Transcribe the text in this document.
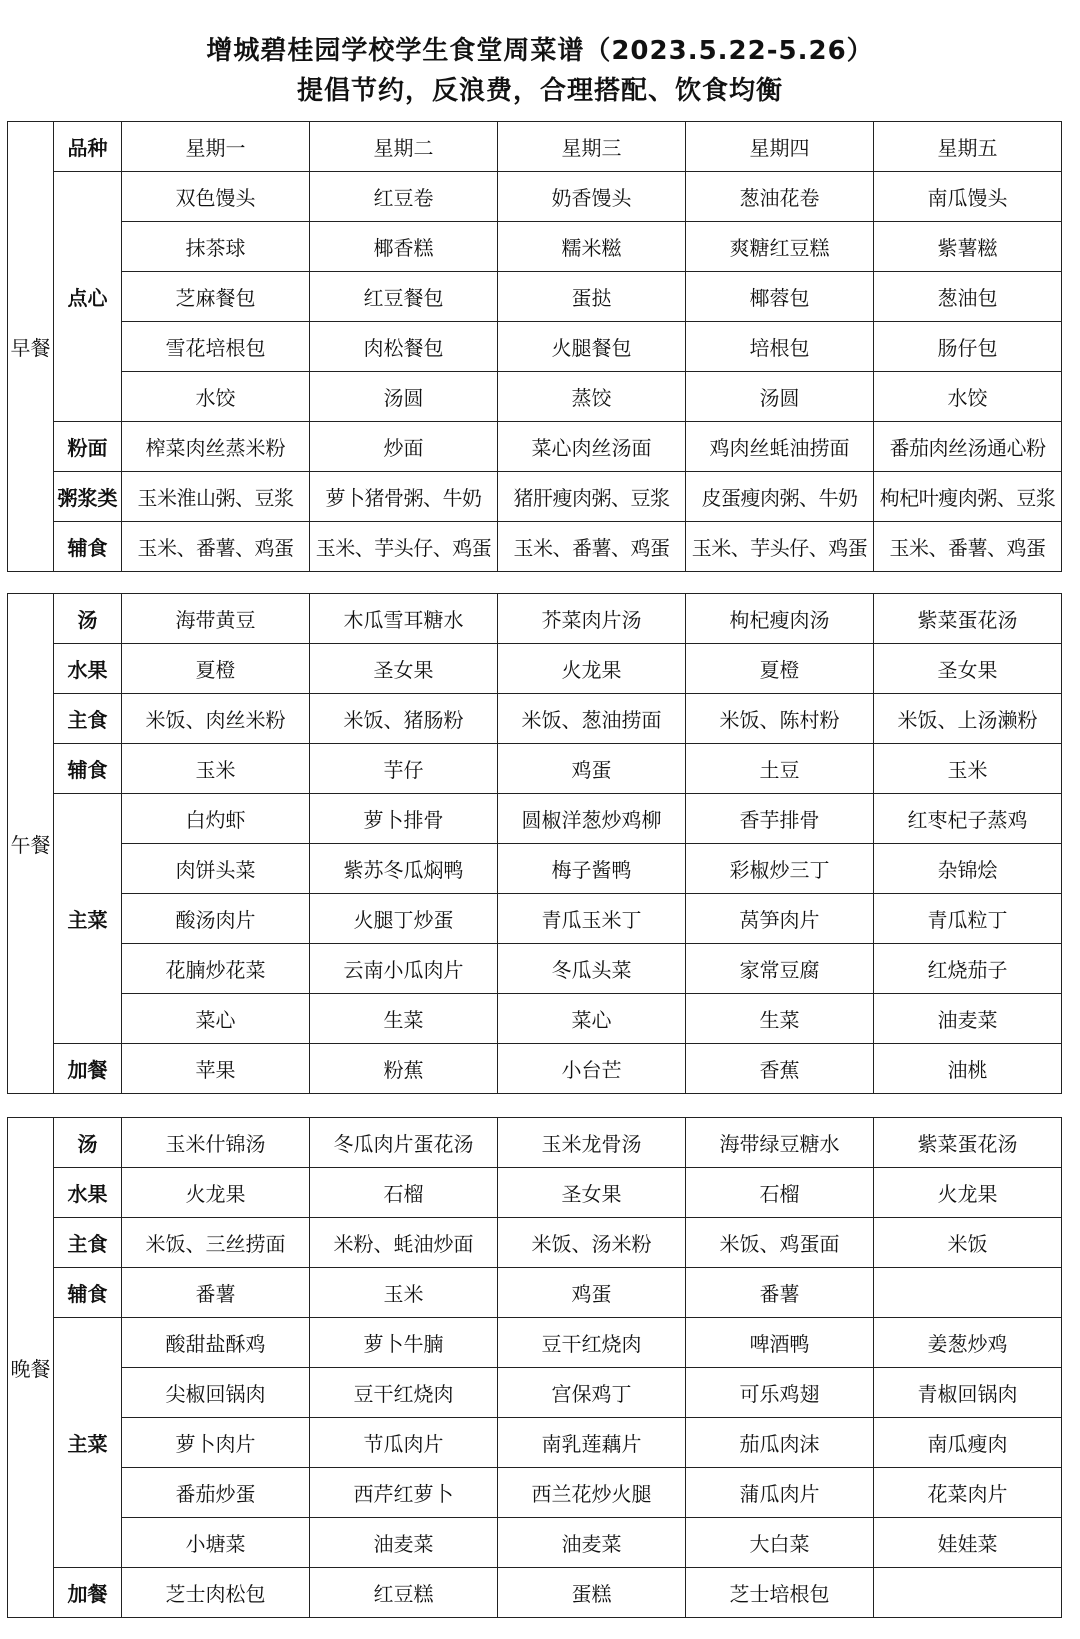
增城碧桂园学校学生食堂周菜谱（2023.5.22-5.26）
提倡节约，反浪费，合理搭配、饮食均衡
早餐	品种	星期一	星期二	星期三	星期四	星期五
	点心	双色馒头	红豆卷	奶香馒头	葱油花卷	南瓜馒头
		抹茶球	椰香糕	糯米糍	爽糖红豆糕	紫薯糍
		芝麻餐包	红豆餐包	蛋挞	椰蓉包	葱油包
		雪花培根包	肉松餐包	火腿餐包	培根包	肠仔包
		水饺	汤圆	蒸饺	汤圆	水饺
	粉面	榨菜肉丝蒸米粉	炒面	菜心肉丝汤面	鸡肉丝蚝油捞面	番茄肉丝汤通心粉
	粥浆类	玉米淮山粥、豆浆	萝卜猪骨粥、牛奶	猪肝瘦肉粥、豆浆	皮蛋瘦肉粥、牛奶	枸杞叶瘦肉粥、豆浆
	辅食	玉米、番薯、鸡蛋	玉米、芋头仔、鸡蛋	玉米、番薯、鸡蛋	玉米、芋头仔、鸡蛋	玉米、番薯、鸡蛋
午餐	汤	海带黄豆	木瓜雪耳糖水	芥菜肉片汤	枸杞瘦肉汤	紫菜蛋花汤
	水果	夏橙	圣女果	火龙果	夏橙	圣女果
	主食	米饭、肉丝米粉	米饭、猪肠粉	米饭、葱油捞面	米饭、陈村粉	米饭、上汤濑粉
	辅食	玉米	芋仔	鸡蛋	土豆	玉米
	主菜	白灼虾	萝卜排骨	圆椒洋葱炒鸡柳	香芋排骨	红枣杞子蒸鸡
		肉饼头菜	紫苏冬瓜焖鸭	梅子酱鸭	彩椒炒三丁	杂锦烩
		酸汤肉片	火腿丁炒蛋	青瓜玉米丁	莴笋肉片	青瓜粒丁
		花腩炒花菜	云南小瓜肉片	冬瓜头菜	家常豆腐	红烧茄子
		菜心	生菜	菜心	生菜	油麦菜
	加餐	苹果	粉蕉	小台芒	香蕉	油桃
晚餐	汤	玉米什锦汤	冬瓜肉片蛋花汤	玉米龙骨汤	海带绿豆糖水	紫菜蛋花汤
	水果	火龙果	石榴	圣女果	石榴	火龙果
	主食	米饭、三丝捞面	米粉、蚝油炒面	米饭、汤米粉	米饭、鸡蛋面	米饭
	辅食	番薯	玉米	鸡蛋	番薯	
	主菜	酸甜盐酥鸡	萝卜牛腩	豆干红烧肉	啤酒鸭	姜葱炒鸡
		尖椒回锅肉	豆干红烧肉	宫保鸡丁	可乐鸡翅	青椒回锅肉
		萝卜肉片	节瓜肉片	南乳莲藕片	茄瓜肉沫	南瓜瘦肉
		番茄炒蛋	西芹红萝卜	西兰花炒火腿	蒲瓜肉片	花菜肉片
		小塘菜	油麦菜	油麦菜	大白菜	娃娃菜
	加餐	芝士肉松包	红豆糕	蛋糕	芝士培根包	
